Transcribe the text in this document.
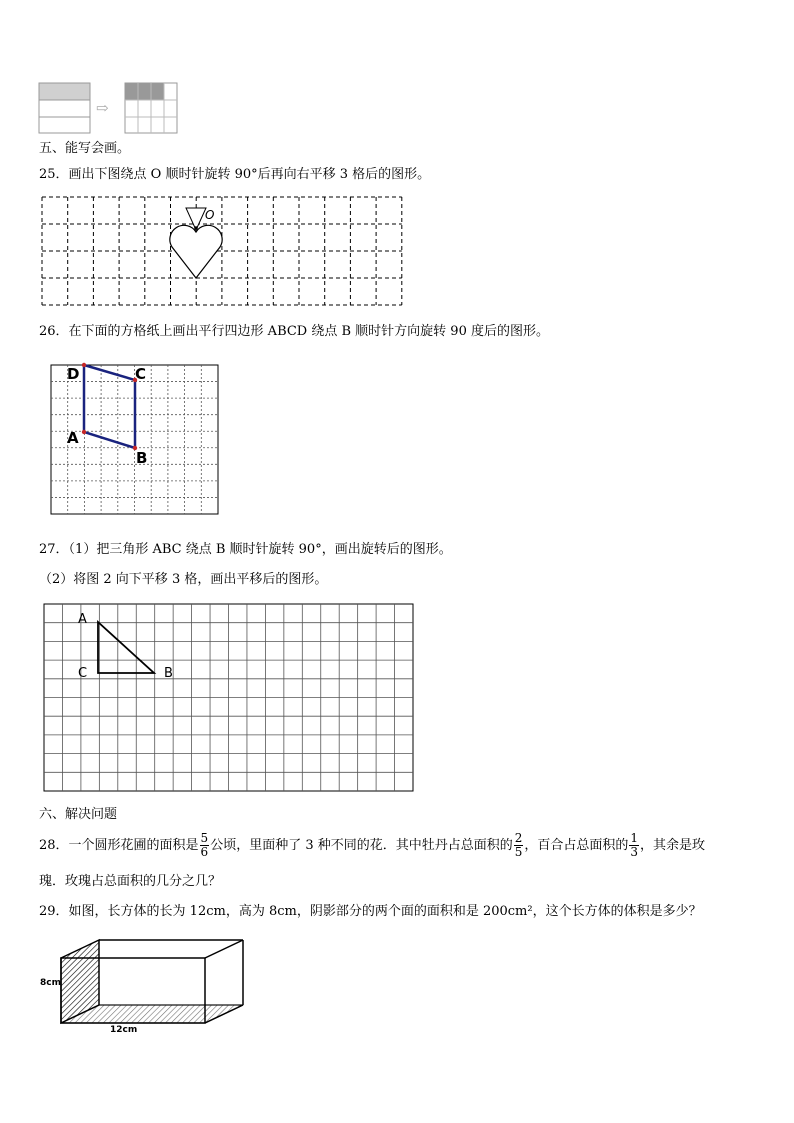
⇨
五、能写会画。
25．画出下图绕点 O 顺时针旋转 90°后再向右平移 3 格后的图形。
O
26．在下面的方格纸上画出平行四边形 ABCD 绕点 B 顺时针方向旋转 90 度后的图形。
D	C
A
B
27．（1）把三角形 ABC 绕点 B 顺时针旋转 90°，画出旋转后的图形。
（2）将图 2 向下平移 3 格，画出平移后的图形。
A
C	B
六、解决问题
28．一个圆形花圃的面积是 $\frac{5}{6}$ 公顷，里面种了 3 种不同的花．其中牡丹占总面积的 $\frac{2}{5}$ ，百合占总面积的 $\frac{1}{3}$ ，其余是玫
瑰．玫瑰占总面积的几分之几？
29．如图，长方体的长为 12cm，高为 8cm，阴影部分的两个面的面积和是 200cm²，这个长方体的体积是多少？
8cm
12cm
